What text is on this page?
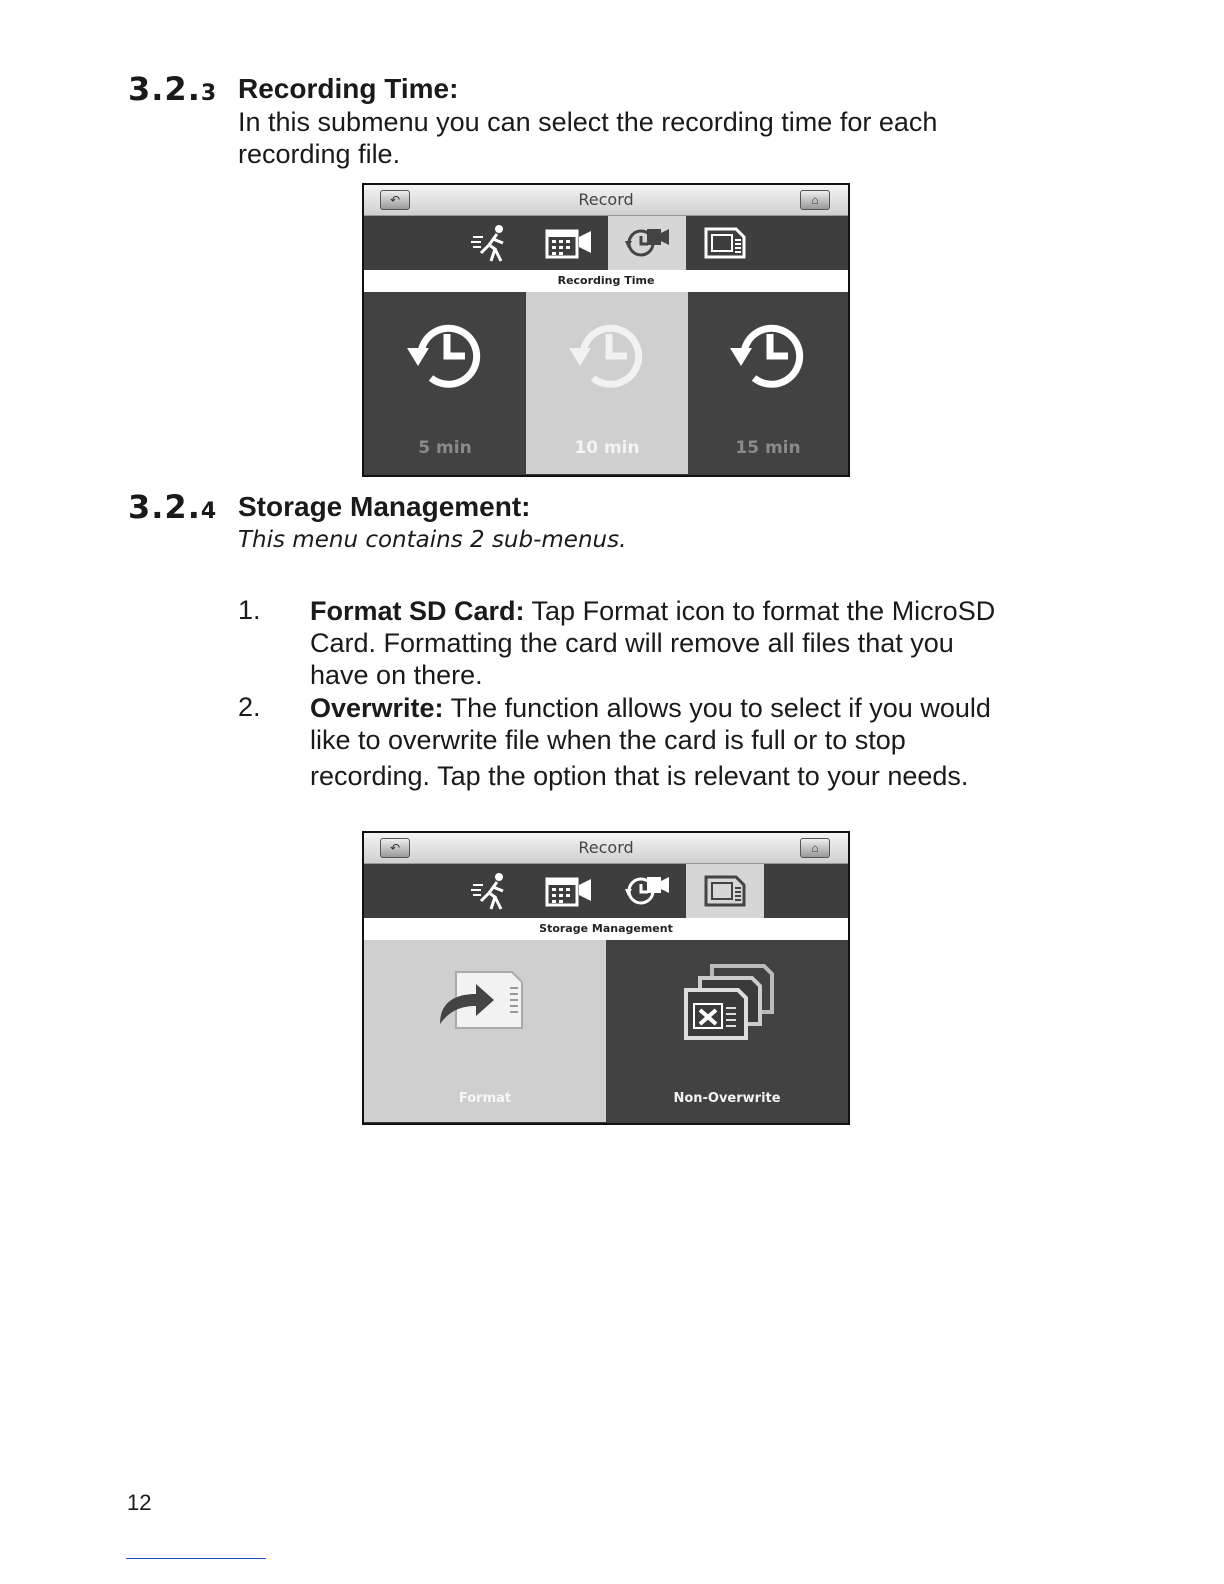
3.2.3 Recording Time:
In this submenu you can select the recording time for each
recording file.
↶	Record	⌂
Recording Time
5 min	10 min	15 min
3.2.4 Storage Management:
This menu contains 2 sub-menus.
1. Format SD Card: Tap Format icon to format the MicroSD
Card. Formatting the card will remove all files that you
have on there.
2. Overwrite: The function allows you to select if you would
like to overwrite file when the card is full or to stop
recording. Tap the option that is relevant to your needs.
↶	Record	⌂
Storage Management
Format	Non-Overwrite
12
